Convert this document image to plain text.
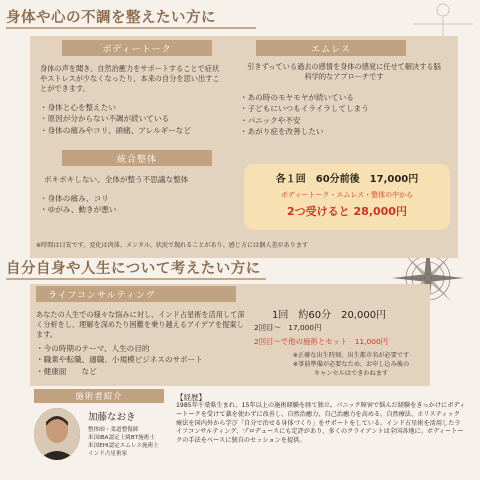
身体や心の不調を整えたい方に
ボディートーク
身体の声を聞き、自然治癒力をサポートすることで症状やストレスが少なくなったり、本来の自分を思い出すことができます。
・身体と心を整えたい
・原因が分からない不調が続いている
・身体の痛みやコリ、頭痛、アレルギーなど
エムレス
引きずっている過去の感情を身体の感覚に任せて解決する脳科学的なアプローチです
・あの時のモヤモヤが続いている
・子どもにいつもイライラしてしまう
・パニックや不安
・あがり症を改善したい
統合整体
ボキボキしない、全体が整う不思議な整体
・身体の痛み、コリ
・ゆがみ、動きが悪い
各１回　60分前後　17,000円
ボディートーク・エムレス・整体の中から
2つ受けると 28,000円
※時間は目安です。変化は肉体、メンタル、状況で現れることがあり、感じ方には個人差があります
自分自身や人生について考えたい方に
ライフコンサルティング
あなたの人生での様々な悩みに対し、インド占星術を活用して深く分析をし、理解を深めたり困難を乗り越えるアイデアを提案します。
・今の時期のテーマ、人生の目的
・職業や転職、適職、小規模ビジネスのサポート
・健康面　　など
1回　約60分　20,000円
2回目～　17,000円
2回目～で他の施術とセット　11,000円
※正確な出生時刻、出生都市名が必要です
※事前準備が必要なため、お申し込み後の
キャンセルはできかねます
施術者紹介
加藤なおき
整体師・柔道整復師
米国IBA認定上級BT施術士
米国EHI認定エムレス施術士
インド占星術家
【経歴】
1985年千葉県生まれ。15年以上の施術経験を経て独立。パニック障害で悩んだ経験をきっかけにボディートークを受けて薬を使わずに改善し、自然治癒力、自己治癒力を高める。自然療法、ホリスティック療法を国内外から学び「自分で治せる身体づくり」をサポートをしている。インド占星術を活用したライフコンサルティング、プロデュースにも定評があり、多くのクライアントは全国各地に。ボディートークの手法をベースに独自のセッションを提供。
